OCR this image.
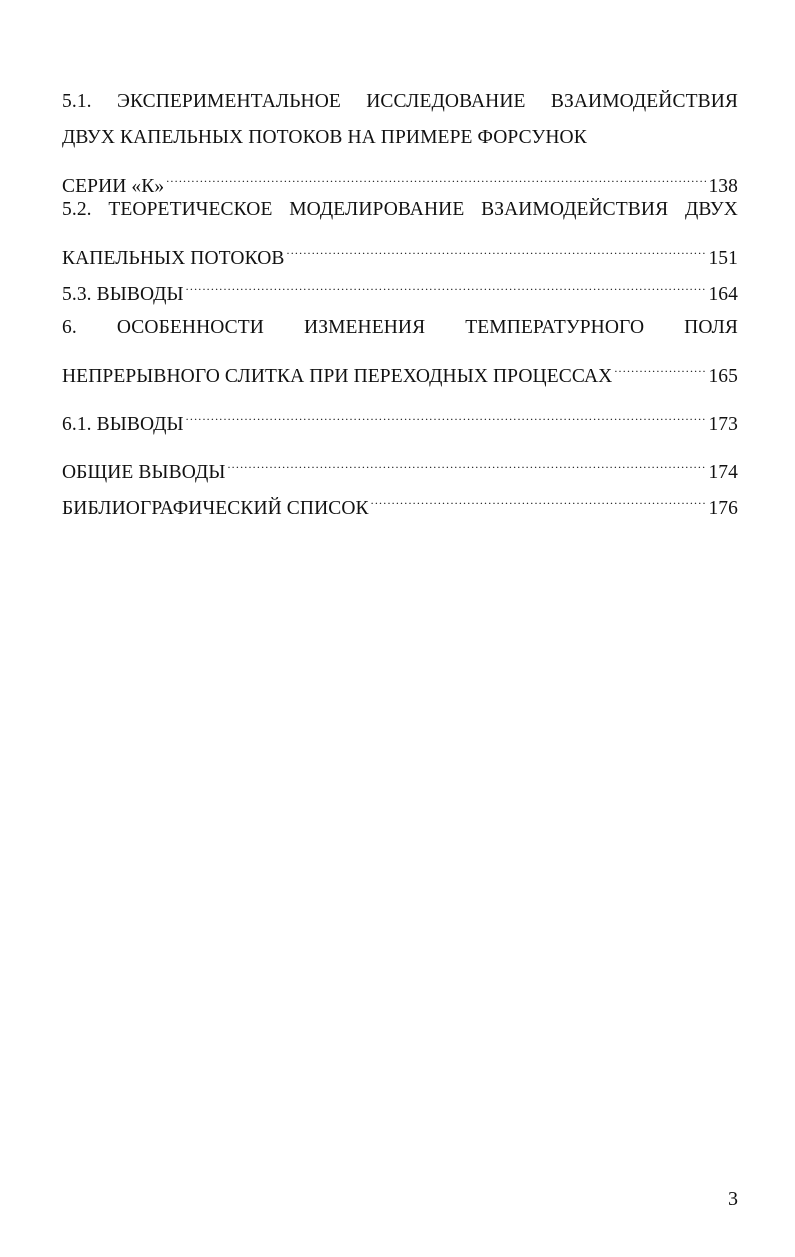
5.1. ЭКСПЕРИМЕНТАЛЬНОЕ ИССЛЕДОВАНИЕ ВЗАИМОДЕЙСТВИЯ
ДВУХ КАПЕЛЬНЫХ ПОТОКОВ НА ПРИМЕРЕ ФОРСУНОК
СЕРИИ «К» .....	138
5.2. ТЕОРЕТИЧЕСКОЕ МОДЕЛИРОВАНИЕ ВЗАИМОДЕЙСТВИЯ ДВУХ
КАПЕЛЬНЫХ ПОТОКОВ .....	151
5.3. ВЫВОДЫ .....	164
6. ОСОБЕННОСТИ ИЗМЕНЕНИЯ ТЕМПЕРАТУРНОГО ПОЛЯ
НЕПРЕРЫВНОГО СЛИТКА ПРИ ПЕРЕХОДНЫХ ПРОЦЕССАХ .....	165
6.1. ВЫВОДЫ .....	173
ОБЩИЕ ВЫВОДЫ .....	174
БИБЛИОГРАФИЧЕСКИЙ СПИСОК .....	176
3
